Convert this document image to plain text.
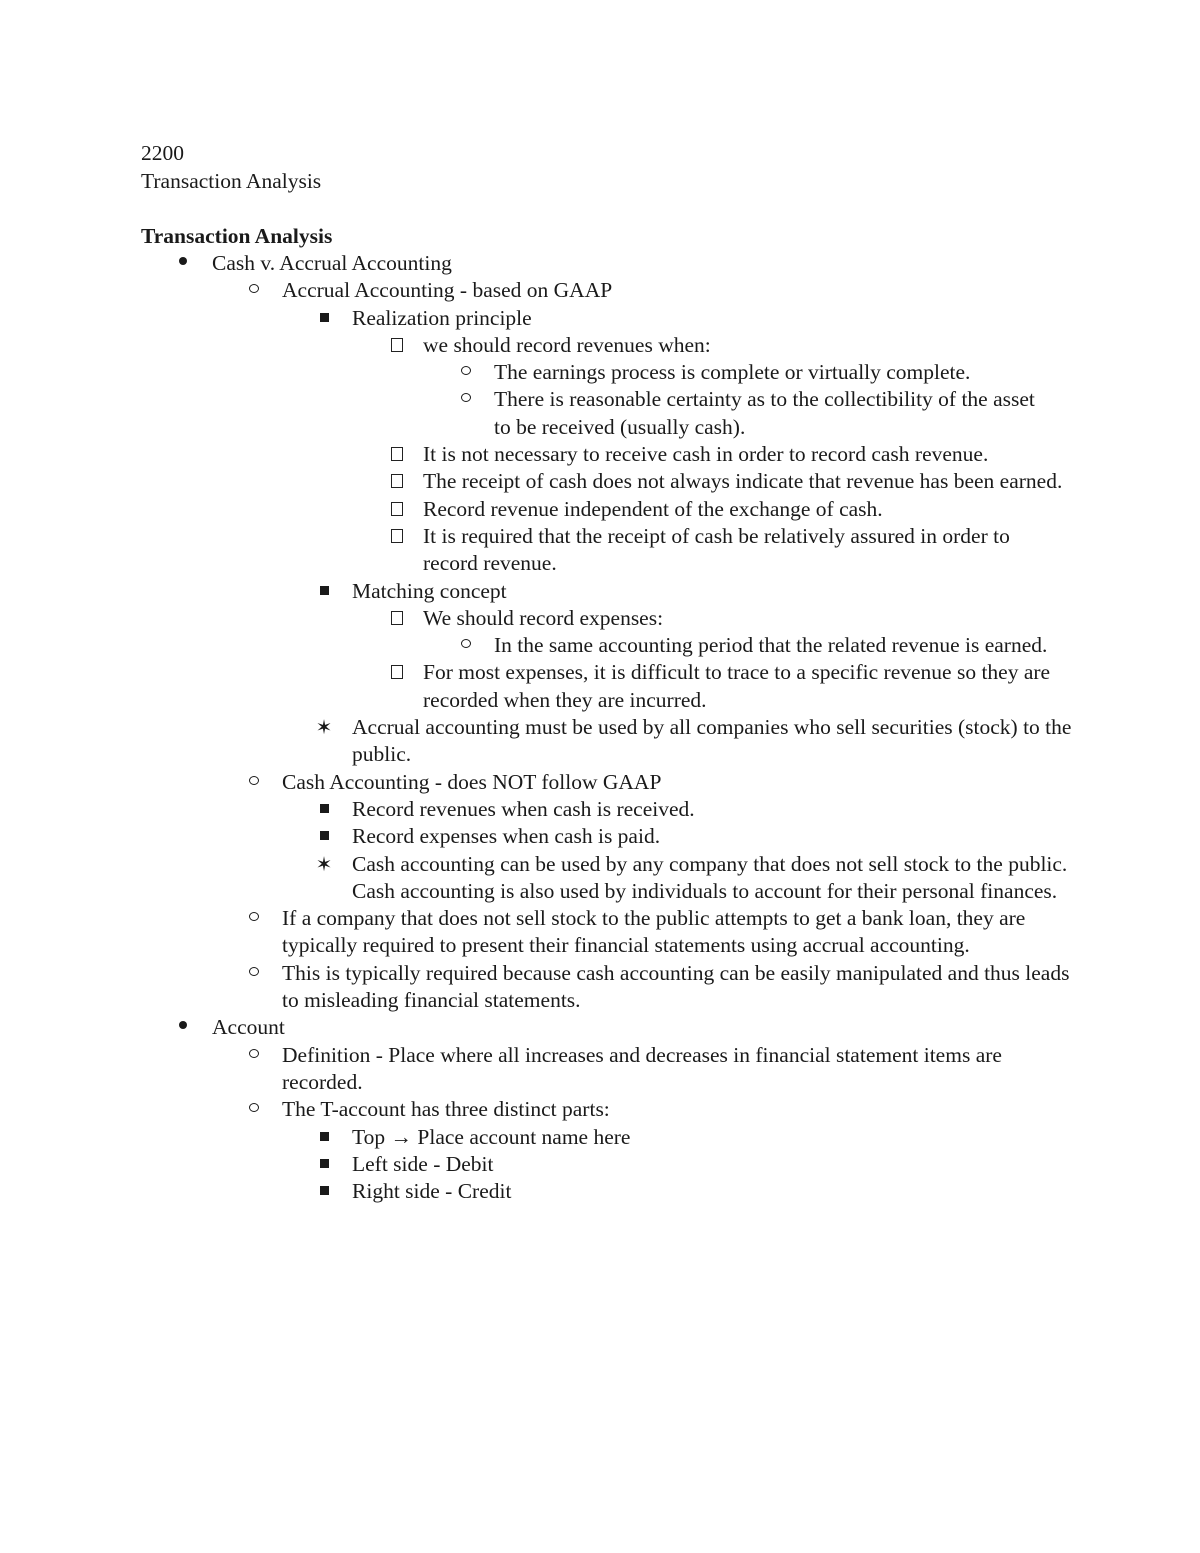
2200
Transaction Analysis
Transaction Analysis
Cash v. Accrual Accounting
Accrual Accounting - based on GAAP
Realization principle
we should record revenues when:
The earnings process is complete or virtually complete.
There is reasonable certainty as to the collectibility of the asset to be received (usually cash).
It is not necessary to receive cash in order to record cash revenue.
The receipt of cash does not always indicate that revenue has been earned.
Record revenue independent of the exchange of cash.
It is required that the receipt of cash be relatively assured in order to record revenue.
Matching concept
We should record expenses:
In the same accounting period that the related revenue is earned.
For most expenses, it is difficult to trace to a specific revenue so they are recorded when they are incurred.
✶ Accrual accounting must be used by all companies who sell securities (stock) to the public.
Cash Accounting - does NOT follow GAAP
Record revenues when cash is received.
Record expenses when cash is paid.
✶ Cash accounting can be used by any company that does not sell stock to the public. Cash accounting is also used by individuals to account for their personal finances.
If a company that does not sell stock to the public attempts to get a bank loan, they are typically required to present their financial statements using accrual accounting.
This is typically required because cash accounting can be easily manipulated and thus leads to misleading financial statements.
Account
Definition - Place where all increases and decreases in financial statement items are recorded.
The T-account has three distinct parts:
Top → Place account name here
Left side - Debit
Right side - Credit
